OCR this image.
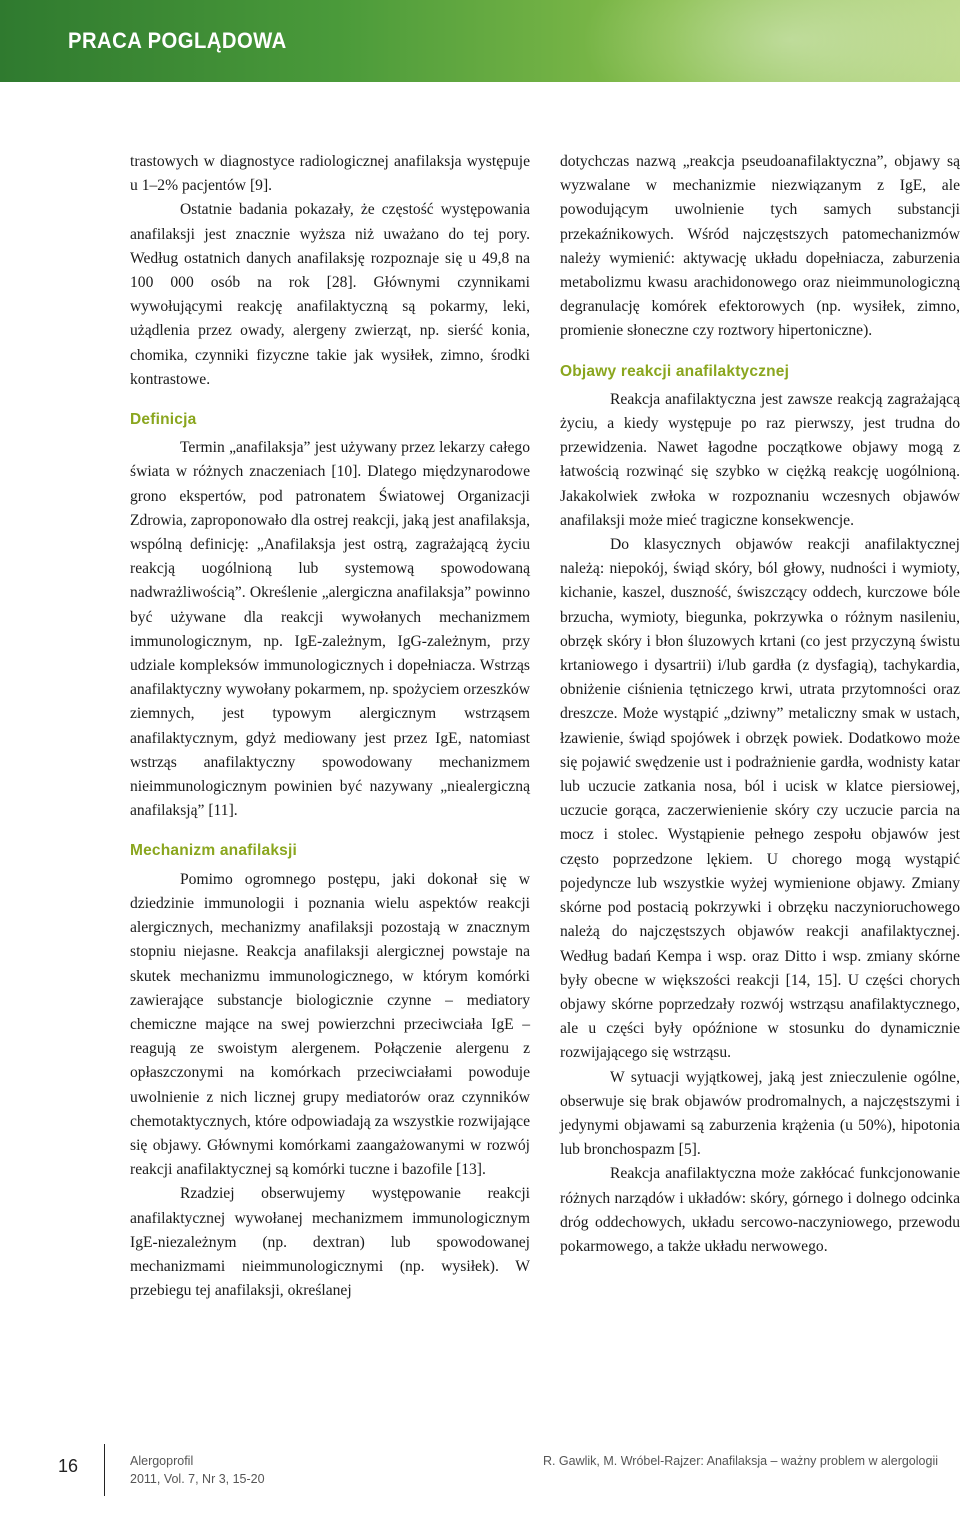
PRACA POGLĄDOWA

trastowych w diagnostyce radiologicznej anafilaksja występuje u 1–2% pacjentów [9].

Ostatnie badania pokazały, że częstość występowania anafilaksji jest znacznie wyższa niż uważano do tej pory. Według ostatnich danych anafilaksję rozpoznaje się u 49,8 na 100 000 osób na rok [28]. Głównymi czynnikami wywołującymi reakcję anafilaktyczną są pokarmy, leki, użądlenia przez owady, alergeny zwierząt, np. sierść konia, chomika, czynniki fizyczne takie jak wysiłek, zimno, środki kontrastowe.

Definicja

Termin „anafilaksja” jest używany przez lekarzy całego świata w różnych znaczeniach [10]. Dlatego międzynarodowe grono ekspertów, pod patronatem Światowej Organizacji Zdrowia, zaproponowało dla ostrej reakcji, jaką jest anafilaksja, wspólną definicję: „Anafilaksja jest ostrą, zagrażającą życiu reakcją uogólnioną lub systemową spowodowaną nadwrażliwością”. Określenie „alergiczna anafilaksja” powinno być używane dla reakcji wywołanych mechanizmem immunologicznym, np. IgE-zależnym, IgG-zależnym, przy udziale kompleksów immunologicznych i dopełniacza. Wstrząs anafilaktyczny wywołany pokarmem, np. spożyciem orzeszków ziemnych, jest typowym alergicznym wstrząsem anafilaktycznym, gdyż mediowany jest przez IgE, natomiast wstrząs anafilaktyczny spowodowany mechanizmem nieimmunologicznym powinien być nazywany „niealergiczną anafilaksją” [11].

Mechanizm anafilaksji

Pomimo ogromnego postępu, jaki dokonał się w dziedzinie immunologii i poznania wielu aspektów reakcji alergicznych, mechanizmy anafilaksji pozostają w znacznym stopniu niejasne. Reakcja anafilaksji alergicznej powstaje na skutek mechanizmu immunologicznego, w którym komórki zawierające substancje biologicznie czynne – mediatory chemiczne mające na swej powierzchni przeciwciała IgE – reagują ze swoistym alergenem. Połączenie alergenu z opłaszczonymi na komórkach przeciwciałami powoduje uwolnienie z nich licznej grupy mediatorów oraz czynników chemotaktycznych, które odpowiadają za wszystkie rozwijające się objawy. Głównymi komórkami zaangażowanymi w rozwój reakcji anafilaktycznej są komórki tuczne i bazofile [13].

Rzadziej obserwujemy występowanie reakcji anafilaktycznej wywołanej mechanizmem immunologicznym IgE-niezależnym (np. dextran) lub spowodowanej mechanizmami nieimmunologicznymi (np. wysiłek). W przebiegu tej anafilaksji, określanej

dotychczas nazwą „reakcja pseudoanafilaktyczna”, objawy są wyzwalane w mechanizmie niezwiązanym z IgE, ale powodującym uwolnienie tych samych substancji przekaźnikowych. Wśród najczęstszych patomechanizmów należy wymienić: aktywację układu dopełniacza, zaburzenia metabolizmu kwasu arachidonowego oraz nieimmunologiczną degranulację komórek efektorowych (np. wysiłek, zimno, promienie słoneczne czy roztwory hipertoniczne).

Objawy reakcji anafilaktycznej

Reakcja anafilaktyczna jest zawsze reakcją zagrażającą życiu, a kiedy występuje po raz pierwszy, jest trudna do przewidzenia. Nawet łagodne początkowe objawy mogą z łatwością rozwinąć się szybko w ciężką reakcję uogólnioną. Jakakolwiek zwłoka w rozpoznaniu wczesnych objawów anafilaksji może mieć tragiczne konsekwencje.

Do klasycznych objawów reakcji anafilaktycznej należą: niepokój, świąd skóry, ból głowy, nudności i wymioty, kichanie, kaszel, duszność, świszczący oddech, kurczowe bóle brzucha, wymioty, biegunka, pokrzywka o różnym nasileniu, obrzęk skóry i błon śluzowych krtani (co jest przyczyną świstu krtaniowego i dysartrii) i/lub gardła (z dysfagią), tachykardia, obniżenie ciśnienia tętniczego krwi, utrata przytomności oraz dreszcze. Może wystąpić „dziwny” metaliczny smak w ustach, łzawienie, świąd spojówek i obrzęk powiek. Dodatkowo może się pojawić swędzenie ust i podrażnienie gardła, wodnisty katar lub uczucie zatkania nosa, ból i ucisk w klatce piersiowej, uczucie gorąca, zaczerwienienie skóry czy uczucie parcia na mocz i stolec. Wystąpienie pełnego zespołu objawów jest często poprzedzone lękiem. U chorego mogą wystąpić pojedyncze lub wszystkie wyżej wymienione objawy. Zmiany skórne pod postacią pokrzywki i obrzęku naczynioruchowego należą do najczęstszych objawów reakcji anafilaktycznej. Według badań Kempa i wsp. oraz Ditto i wsp. zmiany skórne były obecne w większości reakcji [14, 15]. U części chorych objawy skórne poprzedzały rozwój wstrząsu anafilaktycznego, ale u części były opóźnione w stosunku do dynamicznie rozwijającego się wstrząsu.

W sytuacji wyjątkowej, jaką jest znieczulenie ogólne, obserwuje się brak objawów prodromalnych, a najczęstszymi i jedynymi objawami są zaburzenia krążenia (u 50%), hipotonia lub bronchospazm [5].

Reakcja anafilaktyczna może zakłócać funkcjonowanie różnych narządów i układów: skóry, górnego i dolnego odcinka dróg oddechowych, układu sercowo-naczyniowego, przewodu pokarmowego, a także układu nerwowego.

16	Alergoprofil
2011, Vol. 7, Nr 3, 15-20
R. Gawlik, M. Wróbel-Rajzer: Anafilaksja – ważny problem w alergologii
